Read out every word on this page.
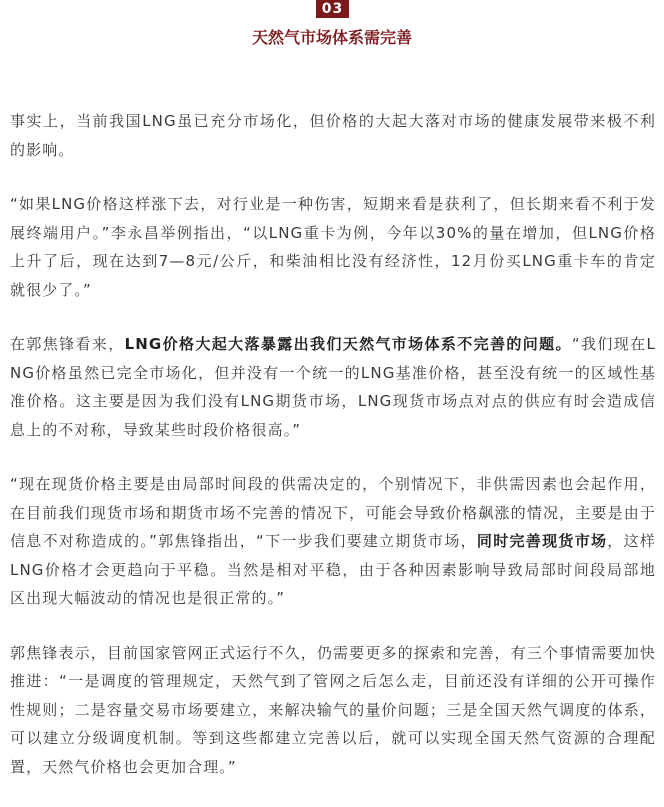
03
天然气市场体系需完善

事实上，当前我国LNG虽已充分市场化，但价格的大起大落对市场的健康发展带来极不利的影响。

“如果LNG价格这样涨下去，对行业是一种伤害，短期来看是获利了，但长期来看不利于发展终端用户。”李永昌举例指出，“以LNG重卡为例，今年以30%的量在增加，但LNG价格上升了后，现在达到7—8元/公斤，和柴油相比没有经济性，12月份买LNG重卡车的肯定就很少了。”

在郭焦锋看来，LNG价格大起大落暴露出我们天然气市场体系不完善的问题。“我们现在LNG价格虽然已完全市场化，但并没有一个统一的LNG基准价格，甚至没有统一的区域性基准价格。这主要是因为我们没有LNG期货市场，LNG现货市场点对点的供应有时会造成信息上的不对称，导致某些时段价格很高。”

“现在现货价格主要是由局部时间段的供需决定的，个别情况下，非供需因素也会起作用，在目前我们现货市场和期货市场不完善的情况下，可能会导致价格飙涨的情况，主要是由于信息不对称造成的。”郭焦锋指出，“下一步我们要建立期货市场，同时完善现货市场，这样LNG价格才会更趋向于平稳。当然是相对平稳，由于各种因素影响导致局部时间段局部地区出现大幅波动的情况也是很正常的。”

郭焦锋表示，目前国家管网正式运行不久，仍需要更多的探索和完善，有三个事情需要加快推进：“一是调度的管理规定，天然气到了管网之后怎么走，目前还没有详细的公开可操作性规则；二是容量交易市场要建立，来解决输气的量价问题；三是全国天然气调度的体系，可以建立分级调度机制。等到这些都建立完善以后，就可以实现全国天然气资源的合理配置，天然气价格也会更加合理。”
